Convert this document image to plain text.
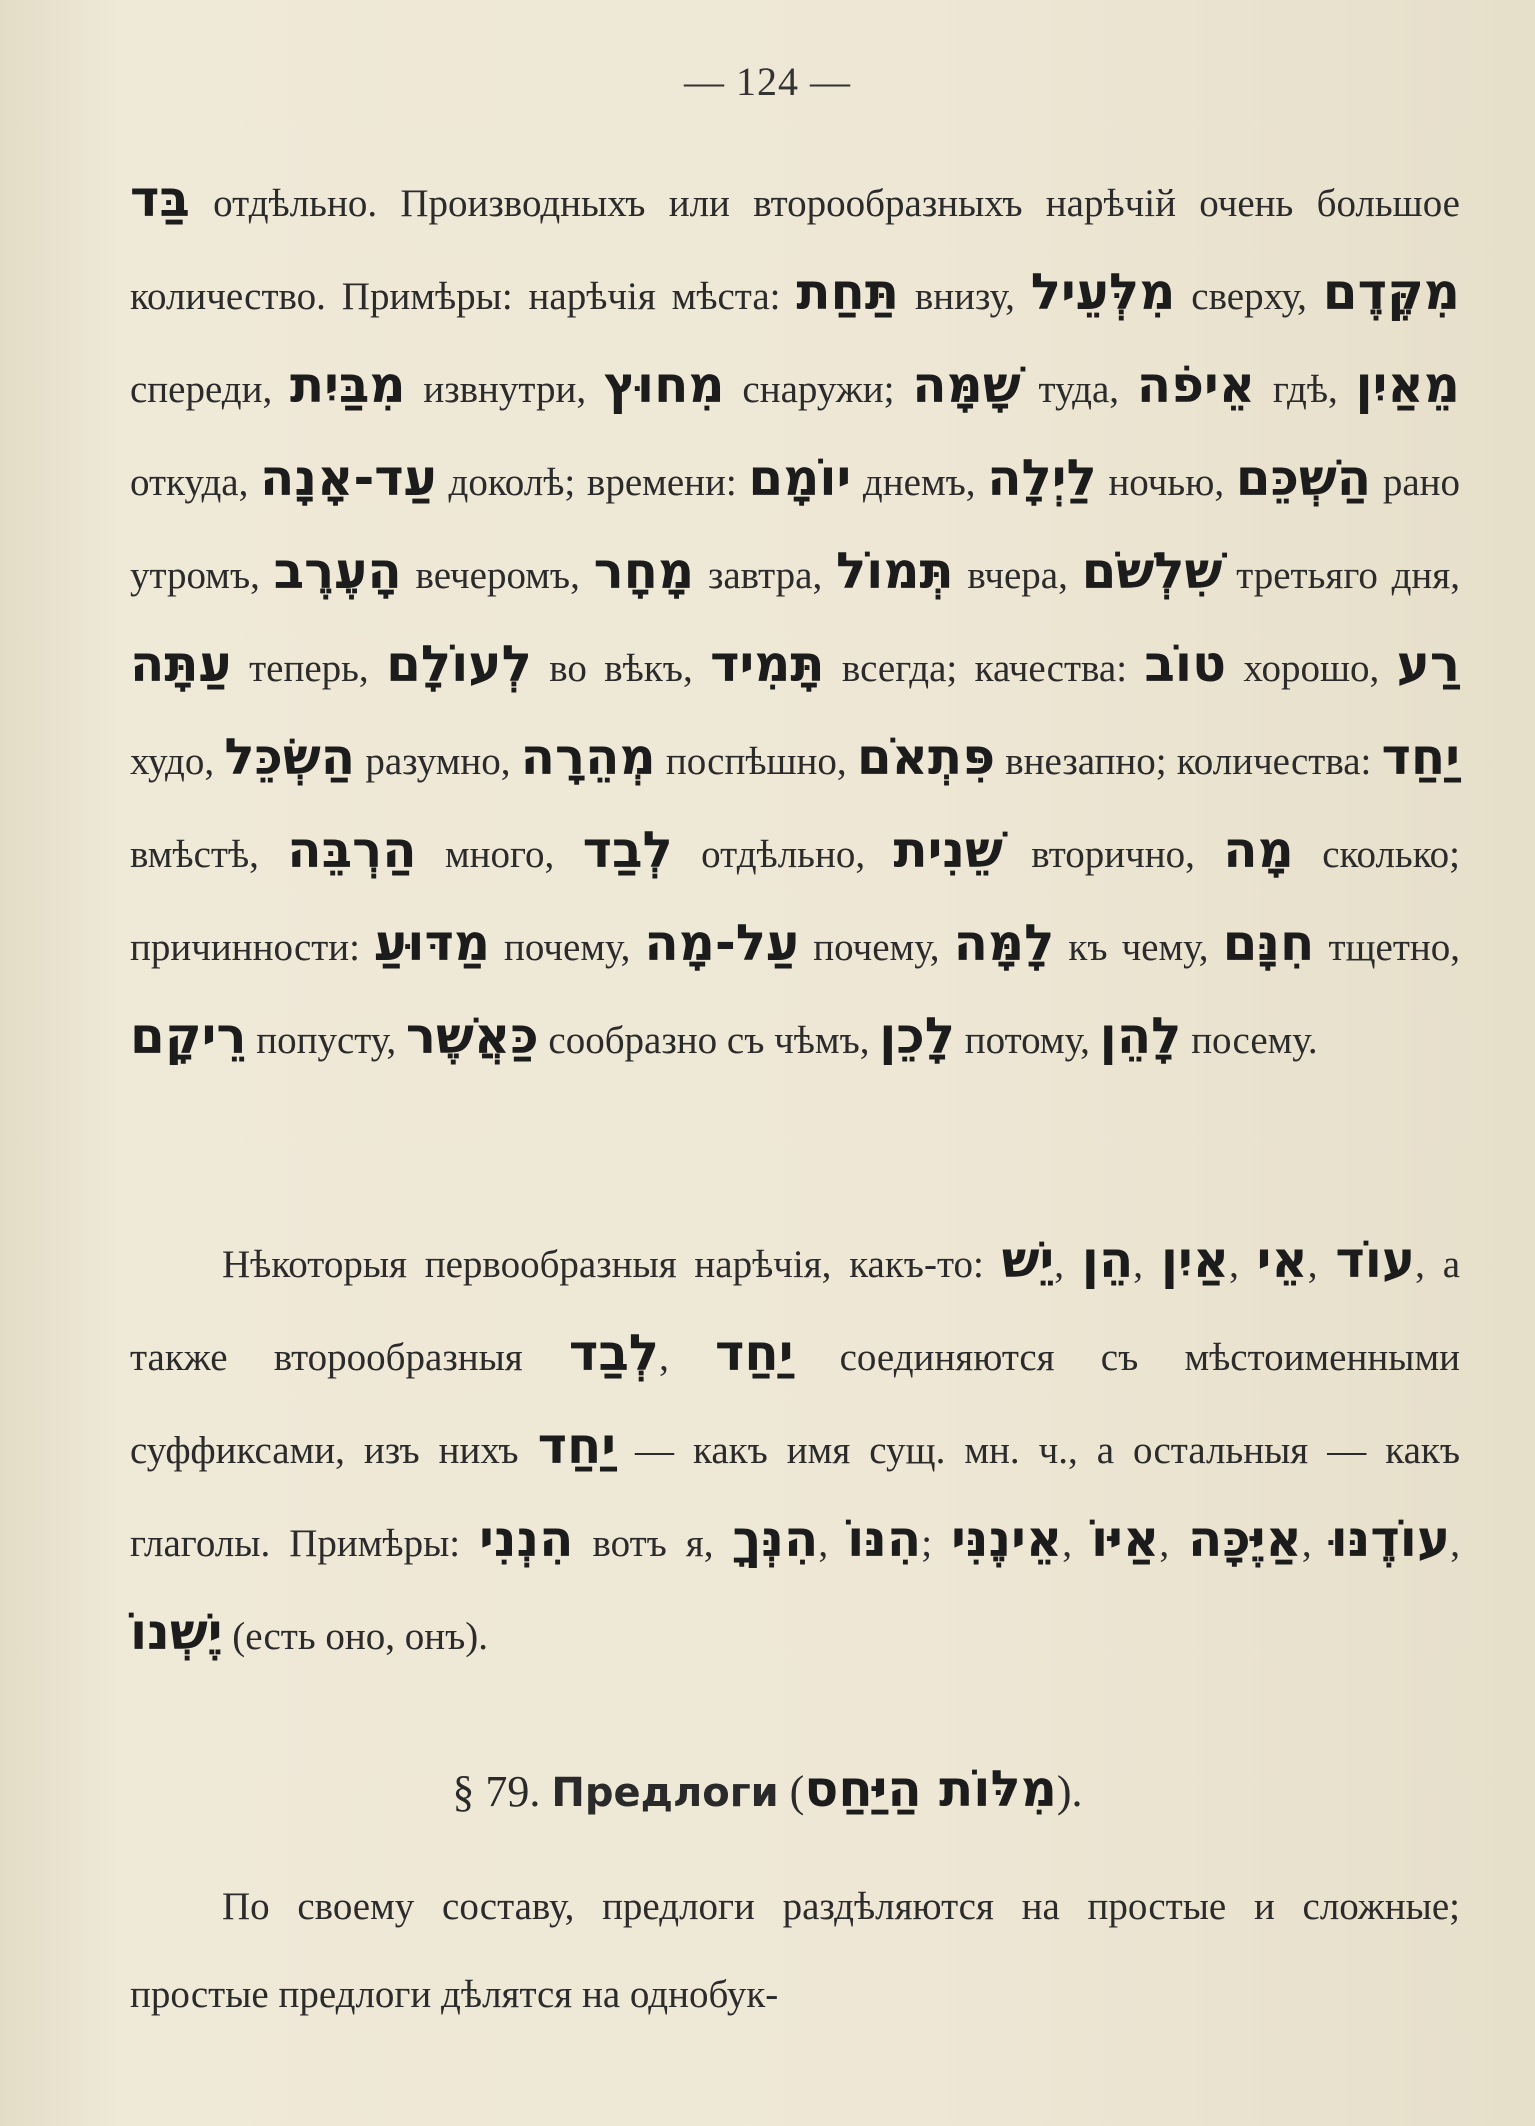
— 124 —

בַּד отдѣльно. Производныхъ или второобразныхъ нарѣчій очень большое количество. Примѣры: нарѣчія мѣста: תַּחַת внизу, מִלְּעֵיל сверху, מִקֶּדֶם спереди, מִבַּיִת извнутри, מִחוּץ снаружи; שָׁמָּה туда, אֵיפֹה гдѣ, מֵאַיִן откуда, עַד-אָנָה доколѣ; времени: יוֹמָם днемъ, לַיְלָה ночью, הַשְׁכֵּם рано утромъ, הָעֶרֶב вечеромъ, מָחָר завтра, תְּמוֹל вчера, שִׁלְשֹׁם третьяго дня, עַתָּה теперь, לְעוֹלָם во вѣкъ, תָּמִיד всегда; качества: טוֹב хорошо, רַע худо, הַשְׂכֵּל разумно, מְהֵרָה поспѣшно, פִּתְאֹם внезапно; количества: יַחַד вмѣстѣ, הַרְבֵּה много, לְבַד отдѣльно, שֵׁנִית вторично, מָה сколько; причинности: מַדּוּעַ почему, עַל-מָה почему, לָמָּה къ чему, חִנָּם тщетно, רֵיקָם попусту, כַּאֲשֶׁר сообразно съ чѣмъ, לָכֵן потому, לָהֵן посему.

Нѣкоторыя первообразныя нарѣчія, какъ-то: יֵשׁ, הֵן, אַיִן, אֵי, עוֹד, а также второобразныя לְבַד, יַחַד соединяются съ мѣстоименными суффиксами, изъ нихъ יַחַד — какъ имя сущ. мн. ч., а остальныя — какъ глаголы. Примѣры: הִנְנִי вотъ я, הִנְּךָ, הִנּוֹ; אֵינֶנִּי, אַיּוֹ, אַיֶּכָּה, עוֹדֶנּוּ, יֶשְׁנוֹ (есть оно, онъ).

§ 79. Предлоги (מִלּוֹת הַיַּחַס).

По своему составу, предлоги раздѣляются на простые и сложные; простые предлоги дѣлятся на однобук-
